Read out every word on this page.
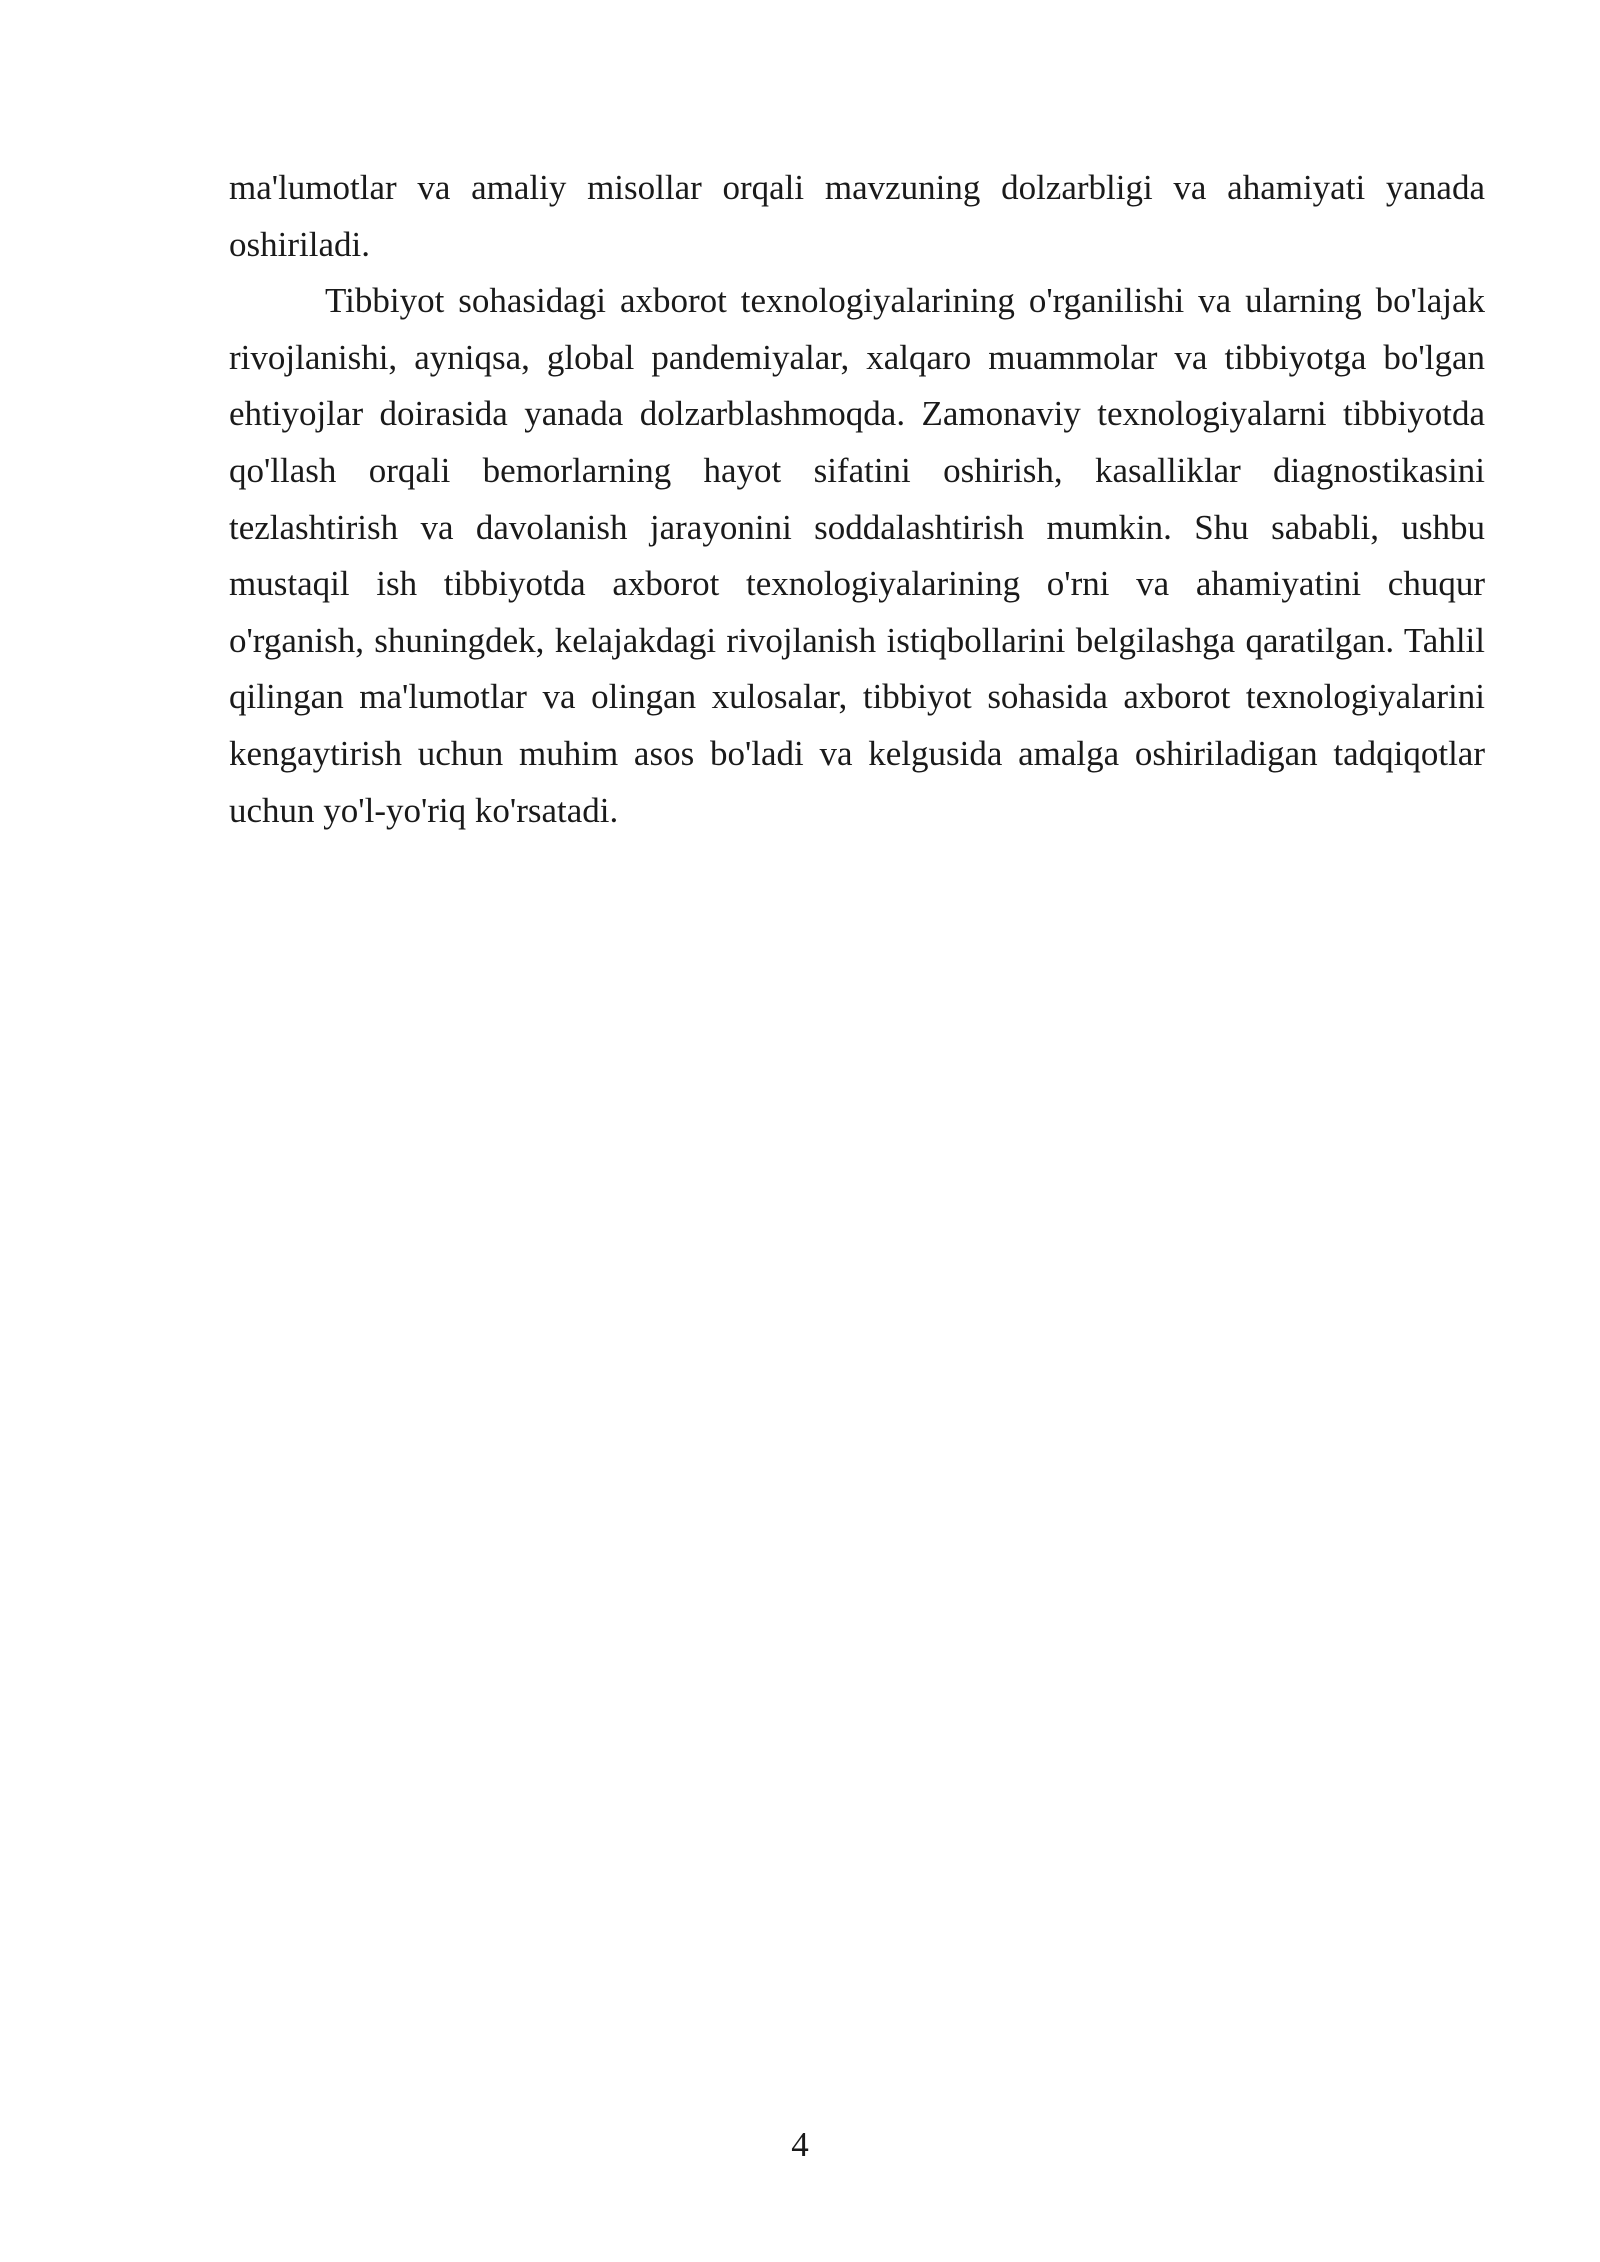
ma'lumotlar va amaliy misollar orqali mavzuning dolzarbligi va ahamiyati yanada oshiriladi.

Tibbiyot sohasidagi axborot texnologiyalarining o'rganilishi va ularning bo'lajak rivojlanishi, ayniqsa, global pandemiyalar, xalqaro muammolar va tibbiyotga bo'lgan ehtiyojlar doirasida yanada dolzarblashmoqda. Zamonaviy texnologiyalarni tibbiyotda qo'llash orqali bemorlarning hayot sifatini oshirish, kasalliklar diagnostikasini tezlashtirish va davolanish jarayonini soddalashtirish mumkin. Shu sababli, ushbu mustaqil ish tibbiyotda axborot texnologiyalarining o'rni va ahamiyatini chuqur o'rganish, shuningdek, kelajakdagi rivojlanish istiqbollarini belgilashga qaratilgan. Tahlil qilingan ma'lumotlar va olingan xulosalar, tibbiyot sohasida axborot texnologiyalarini kengaytirish uchun muhim asos bo'ladi va kelgusida amalga oshiriladigan tadqiqotlar uchun yo'l-yo'riq ko'rsatadi.

4
